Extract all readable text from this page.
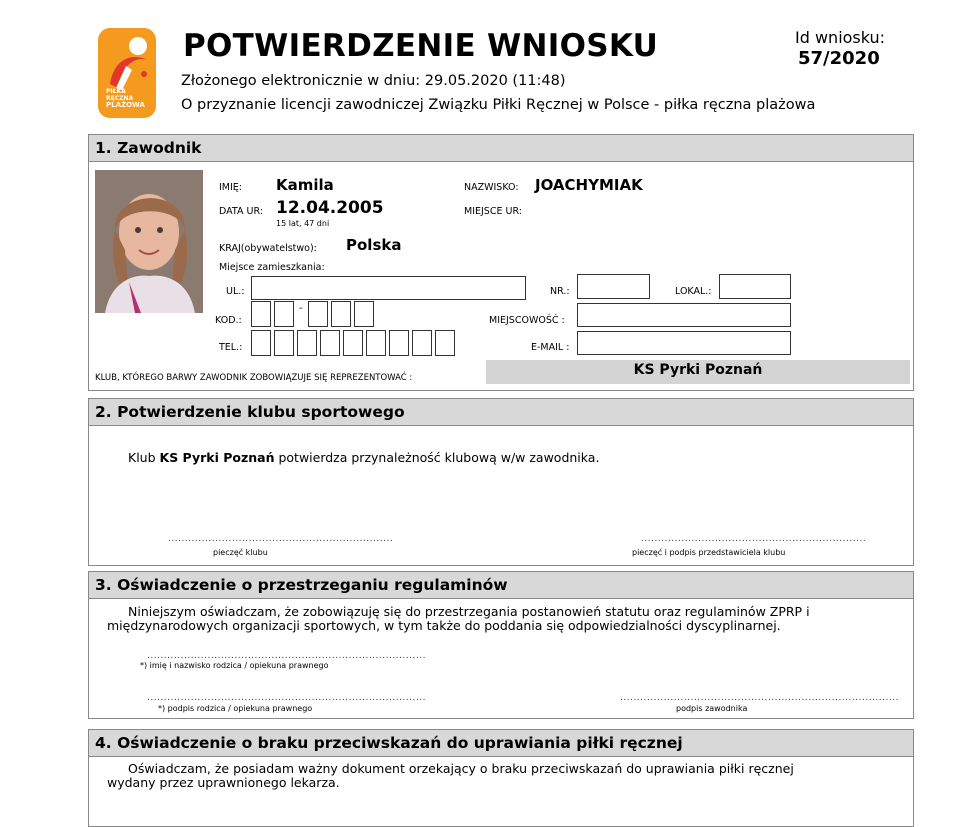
PIŁKA
RĘCZNA
PLAŻOWA
POTWIERDZENIE WNIOSKU
Złożonego elektronicznie w dniu: 29.05.2020 (11:48)
O przyznanie licencji zawodniczej Związku Piłki Ręcznej w Polsce - piłka ręczna plażowa
Id wniosku:
57/2020
1. Zawodnik
IMIĘ: Kamila	NAZWISKO: JOACHYMIAK
DATA UR: 12.04.2005
15 lat, 47 dni
MIEJSCE UR:
KRAJ(obywatelstwo): Polska
Miejsce zamieszkania:
UL.:	NR.:	LOKAL.:
KOD.:
-
MIEJSCOWOŚĆ :
TEL.:	E-MAIL :
KLUB, KTÓREGO BARWY ZAWODNIK ZOBOWIĄZUJE SIĘ REPREZENTOWAĆ :	KS Pyrki Poznań
2. Potwierdzenie klubu sportowego
Klub KS Pyrki Poznań potwierdza przynależność klubową w/w zawodnika.
...................................................................
pieczęć klubu
...................................................................
pieczęć i podpis przedstawiciela klubu
3. Oświadczenie o przestrzeganiu regulaminów
Niniejszym oświadczam, że zobowiązuję się do przestrzegania postanowień statutu oraz regulaminów ZPRP i
międzynarodowych organizacji sportowych, w tym także do poddania się odpowiedzialności dyscyplinarnej.
...................................................................................
*) imię i nazwisko rodzica / opiekuna prawnego
...................................................................................
*) podpis rodzica / opiekuna prawnego
...................................................................................
podpis zawodnika
4. Oświadczenie o braku przeciwskazań do uprawiania piłki ręcznej
Oświadczam, że posiadam ważny dokument orzekający o braku przeciwskazań do uprawiania piłki ręcznej
wydany przez uprawnionego lekarza.
